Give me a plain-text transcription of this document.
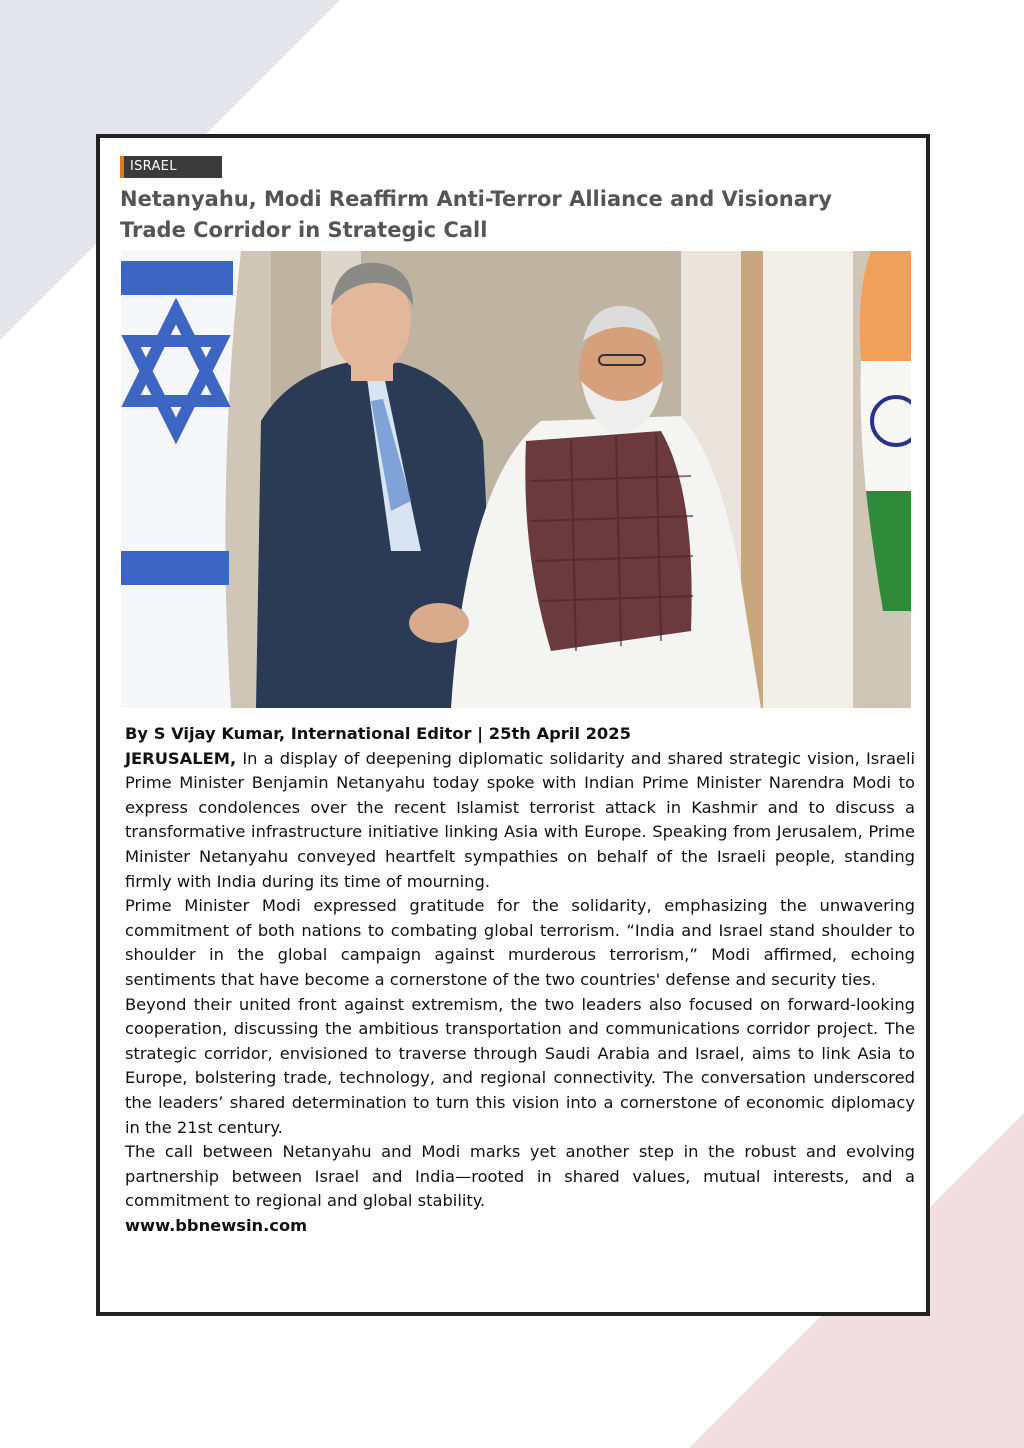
ISRAEL
Netanyahu, Modi Reaffirm Anti-Terror Alliance and Visionary Trade Corridor in Strategic Call

By S Vijay Kumar, International Editor | 25th April 2025

JERUSALEM, In a display of deepening diplomatic solidarity and shared strategic vision, Israeli Prime Minister Benjamin Netanyahu today spoke with Indian Prime Minister Narendra Modi to express condolences over the recent Islamist terrorist attack in Kashmir and to discuss a transformative infrastructure initiative linking Asia with Europe. Speaking from Jerusalem, Prime Minister Netanyahu conveyed heartfelt sympathies on behalf of the Israeli people, standing firmly with India during its time of mourning.

Prime Minister Modi expressed gratitude for the solidarity, emphasizing the unwavering commitment of both nations to combating global terrorism. “India and Israel stand shoulder to shoulder in the global campaign against murderous terrorism,” Modi affirmed, echoing sentiments that have become a cornerstone of the two countries' defense and security ties.

Beyond their united front against extremism, the two leaders also focused on forward-looking cooperation, discussing the ambitious transportation and communications corridor project. The strategic corridor, envisioned to traverse through Saudi Arabia and Israel, aims to link Asia to Europe, bolstering trade, technology, and regional connectivity. The conversation underscored the leaders’ shared determination to turn this vision into a cornerstone of economic diplomacy in the 21st century.

The call between Netanyahu and Modi marks yet another step in the robust and evolving partnership between Israel and India—rooted in shared values, mutual interests, and a commitment to regional and global stability.

www.bbnewsin.com
